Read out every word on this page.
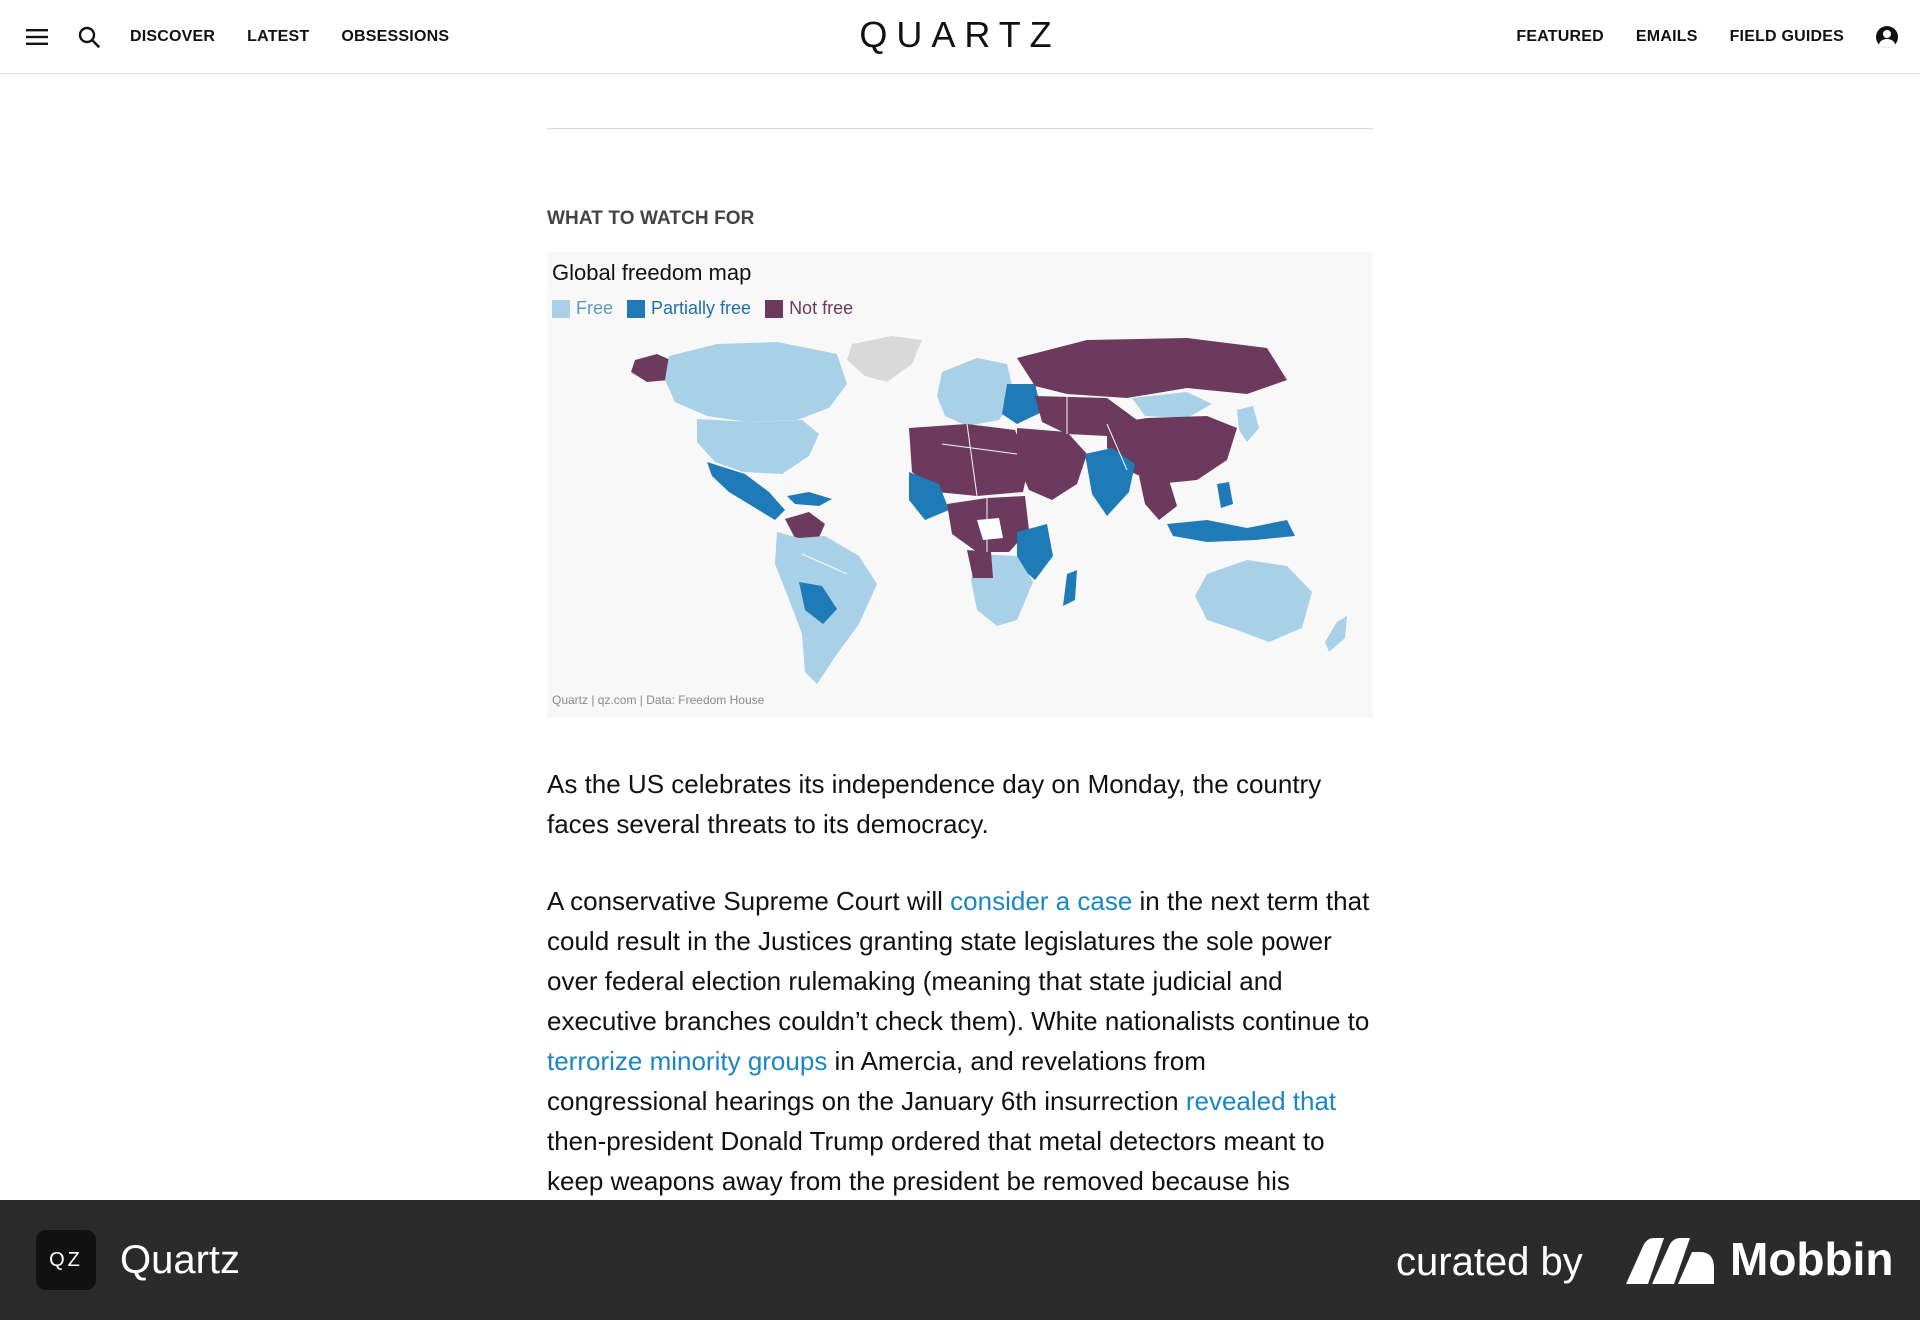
DISCOVER LATEST OBSESSIONS	QUARTZ	FEATURED EMAILS FIELD GUIDES
WHAT TO WATCH FOR
Global freedom map
Free Partially free Not free
Quartz | qz.com | Data: Freedom House

As the US celebrates its independence day on Monday, the country faces several threats to its democracy.

A conservative Supreme Court will consider a case in the next term that could result in the Justices granting state legislatures the sole power over federal election rulemaking (meaning that state judicial and executive branches couldn’t check them). White nationalists continue to terrorize minority groups in Amercia, and revelations from congressional hearings on the January 6th insurrection revealed that then-president Donald Trump ordered that metal detectors meant to keep weapons away from the president be removed because his

QZ Quartz	curated by	Mobbin
